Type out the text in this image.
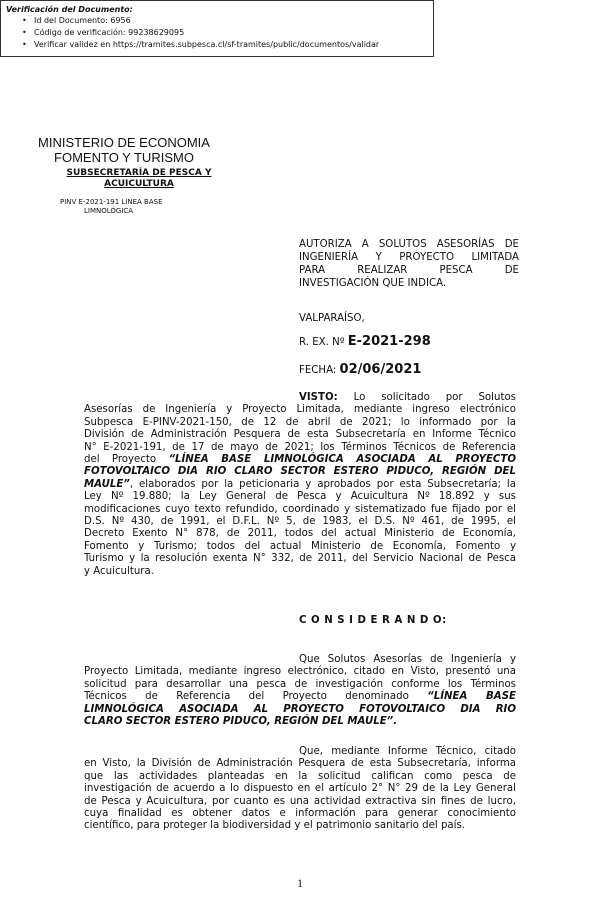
Verificación del Documento:
• Id del Documento: 6956
• Código de verificación: 99238629095
• Verificar validez en https://tramites.subpesca.cl/sf-tramites/public/documentos/validar
MINISTERIO DE ECONOMIA
FOMENTO Y TURISMO
SUBSECRETARÍA DE PESCA Y
ACUICULTURA
PINV E-2021-191 LÍNEA BASE
LIMNOLÓGICA
AUTORIZA A SOLUTOS ASESORÍAS DE
INGENIERÍA Y PROYECTO LIMITADA
PARA REALIZAR PESCA DE
INVESTIGACIÓN QUE INDICA.
VALPARAÍSO,
R. EX. Nº E-2021-298
FECHA: 02/06/2021
VISTO: Lo solicitado por Solutos
Asesorías de Ingeniería y Proyecto Limitada, mediante ingreso electrónico
Subpesca E-PINV-2021-150, de 12 de abril de 2021; lo informado por la
División de Administración Pesquera de esta Subsecretaría en Informe Técnico
N° E-2021-191, de 17 de mayo de 2021; los Términos Técnicos de Referencia
del Proyecto “LÍNEA BASE LIMNOLÓGICA ASOCIADA AL PROYECTO
FOTOVOLTAICO DIA RIO CLARO SECTOR ESTERO PIDUCO, REGIÓN DEL
MAULE”, elaborados por la peticionaria y aprobados por esta Subsecretaría; la
Ley Nº 19.880; la Ley General de Pesca y Acuicultura Nº 18.892 y sus
modificaciones cuyo texto refundido, coordinado y sistematizado fue fijado por el
D.S. Nº 430, de 1991, el D.F.L. Nº 5, de 1983, el D.S. Nº 461, de 1995, el
Decreto Exento N° 878, de 2011, todos del actual Ministerio de Economía,
Fomento y Turismo; todos del actual Ministerio de Economía, Fomento y
Turismo y la resolución exenta N° 332, de 2011, del Servicio Nacional de Pesca
y Acuicultura.
C O N S I D E R A N D O:
Que Solutos Asesorías de Ingeniería y
Proyecto Limitada, mediante ingreso electrónico, citado en Visto, presentó una
solicitud para desarrollar una pesca de investigación conforme los Términos
Técnicos de Referencia del Proyecto denominado “LÍNEA BASE
LIMNOLÓGICA ASOCIADA AL PROYECTO FOTOVOLTAICO DIA RIO
CLARO SECTOR ESTERO PIDUCO, REGIÓN DEL MAULE”.
Que, mediante Informe Técnico, citado
en Visto, la División de Administración Pesquera de esta Subsecretaría, informa
que las actividades planteadas en la solicitud califican como pesca de
investigación de acuerdo a lo dispuesto en el artículo 2° N° 29 de la Ley General
de Pesca y Acuicultura, por cuanto es una actividad extractiva sin fines de lucro,
cuya finalidad es obtener datos e información para generar conocimiento
científico, para proteger la biodiversidad y el patrimonio sanitario del país.
1
